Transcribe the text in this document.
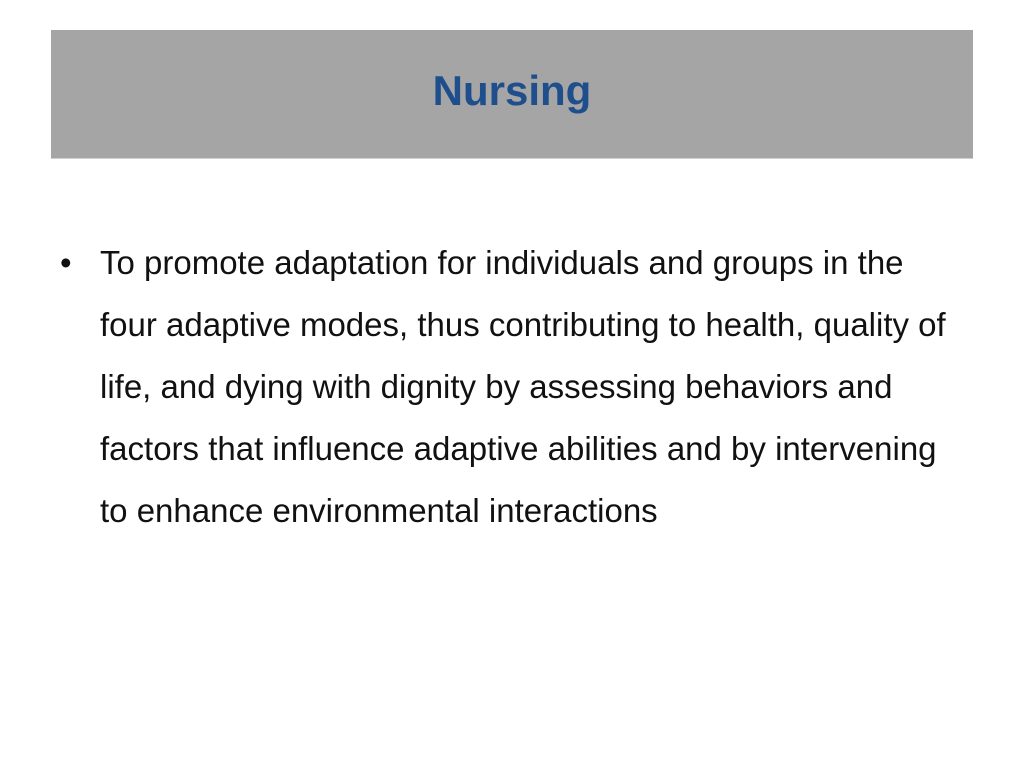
Nursing
• To promote adaptation for individuals and groups in the four adaptive modes, thus contributing to health, quality of life, and dying with dignity by assessing behaviors and factors that influence adaptive abilities and by intervening to enhance environmental interactions
